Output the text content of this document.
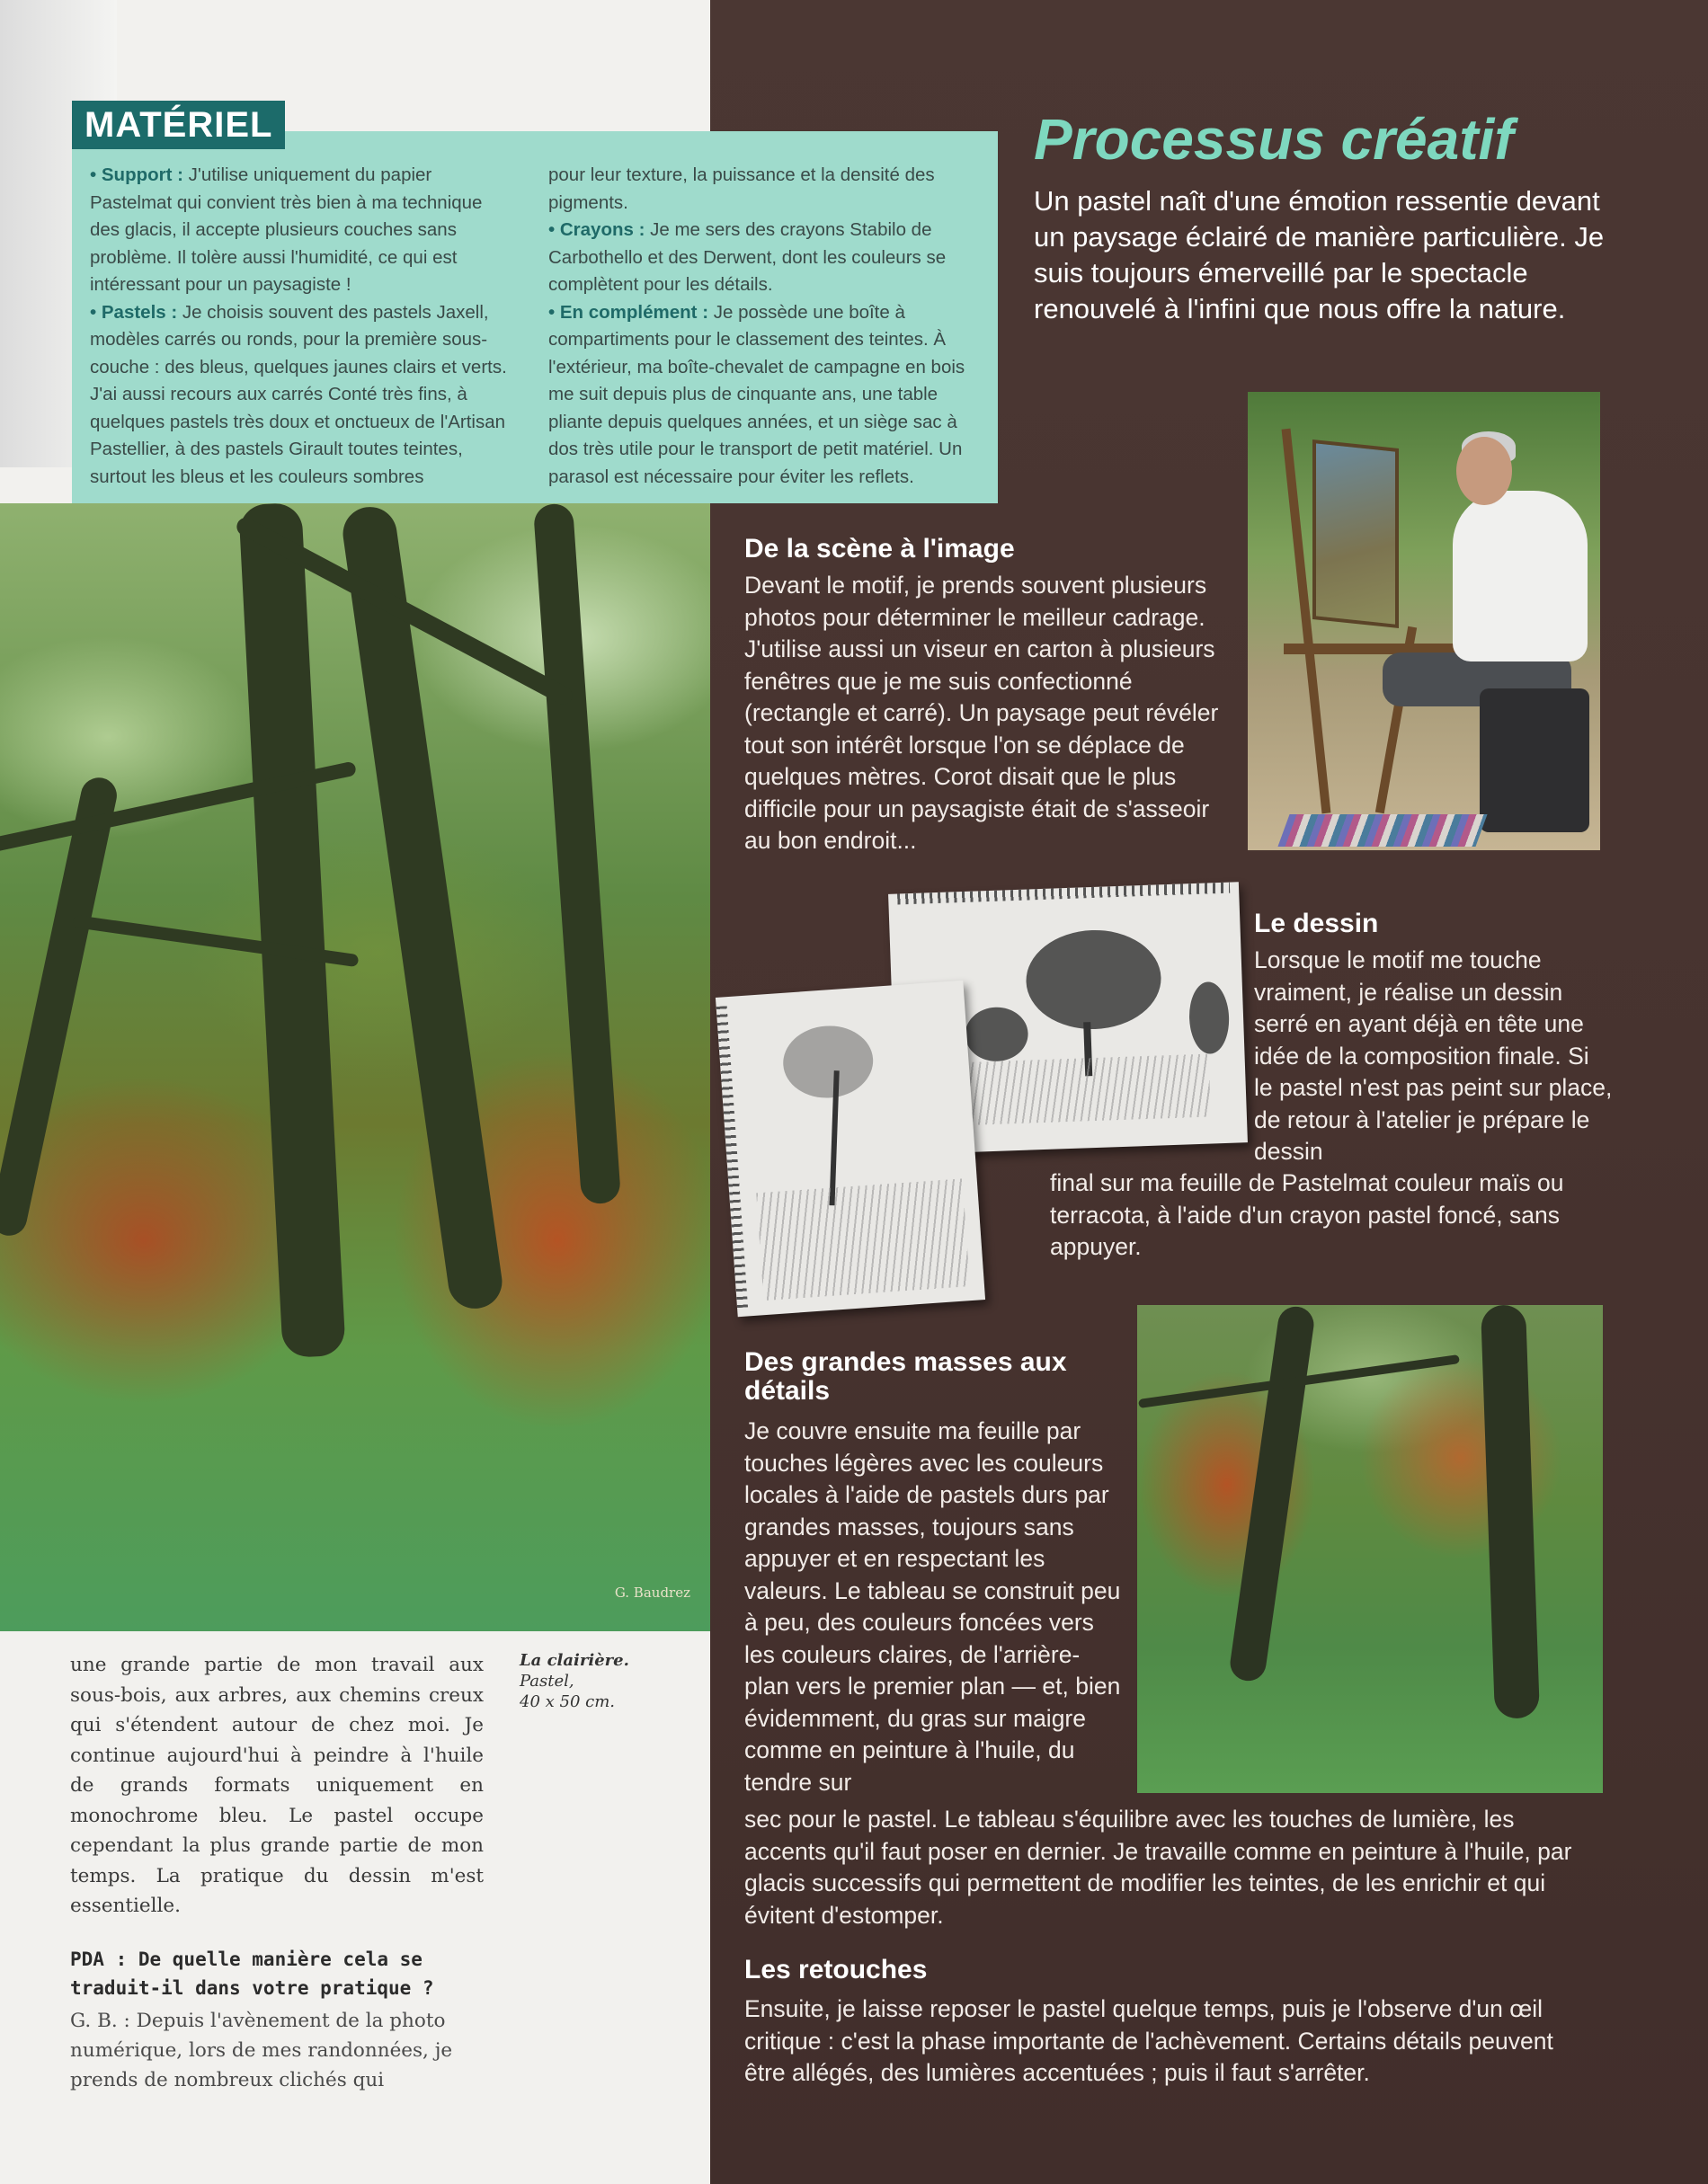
MATÉRIEL

• Support : J'utilise uniquement du papier Pastelmat qui convient très bien à ma technique des glacis, il accepte plusieurs couches sans problème. Il tolère aussi l'humidité, ce qui est intéressant pour un paysagiste !

• Pastels : Je choisis souvent des pastels Jaxell, modèles carrés ou ronds, pour la première sous-couche : des bleus, quelques jaunes clairs et verts. J'ai aussi recours aux carrés Conté très fins, à quelques pastels très doux et onctueux de l'Artisan Pastellier, à des pastels Girault toutes teintes, surtout les bleus et les couleurs sombres

pour leur texture, la puissance et la densité des pigments.

• Crayons : Je me sers des crayons Stabilo de Carbothello et des Derwent, dont les couleurs se complètent pour les détails.

• En complément : Je possède une boîte à compartiments pour le classement des teintes. À l'extérieur, ma boîte-chevalet de campagne en bois me suit depuis plus de cinquante ans, une table pliante depuis quelques années, et un siège sac à dos très utile pour le transport de petit matériel. Un parasol est nécessaire pour éviter les reflets.

Processus créatif
Un pastel naît d'une émotion ressentie devant un paysage éclairé de manière particulière. Je suis toujours émerveillé par le spectacle renouvelé à l'infini que nous offre la nature.
G. Baudrez
une grande partie de mon travail aux sous-bois, aux arbres, aux chemins creux qui s'étendent autour de chez moi. Je continue aujourd'hui à peindre à l'huile de grands formats uniquement en monochrome bleu. Le pastel occupe cependant la plus grande partie de mon temps. La pratique du dessin m'est essentielle.
PDA : De quelle manière cela se traduit-il dans votre pratique ?
G. B. : Depuis l'avènement de la photo numérique, lors de mes randonnées, je prends de nombreux clichés qui
La clairière.
Pastel,
40 x 50 cm.
De la scène à l'image
Devant le motif, je prends souvent plusieurs photos pour déterminer le meilleur cadrage. J'utilise aussi un viseur en carton à plusieurs fenêtres que je me suis confectionné (rectangle et carré). Un paysage peut révéler tout son intérêt lorsque l'on se déplace de quelques mètres. Corot disait que le plus difficile pour un paysagiste était de s'asseoir au bon endroit...
Le dessin
Lorsque le motif me touche vraiment, je réalise un dessin serré en ayant déjà en tête une idée de la composition finale. Si le pastel n'est pas peint sur place, de retour à l'atelier je prépare le dessin
final sur ma feuille de Pastelmat couleur maïs ou terracota, à l'aide d'un crayon pastel foncé, sans appuyer.
Des grandes masses aux détails
Je couvre ensuite ma feuille par touches légères avec les couleurs locales à l'aide de pastels durs par grandes masses, toujours sans appuyer et en respectant les valeurs. Le tableau se construit peu à peu, des couleurs foncées vers les couleurs claires, de l'arrière-plan vers le premier plan — et, bien évidemment, du gras sur maigre comme en peinture à l'huile, du tendre sur
sec pour le pastel. Le tableau s'équilibre avec les touches de lumière, les accents qu'il faut poser en dernier. Je travaille comme en peinture à l'huile, par glacis successifs qui permettent de modifier les teintes, de les enrichir et qui évitent d'estomper.
Les retouches
Ensuite, je laisse reposer le pastel quelque temps, puis je l'observe d'un œil critique : c'est la phase importante de l'achèvement. Certains détails peuvent être allégés, des lumières accentuées ; puis il faut s'arrêter.
